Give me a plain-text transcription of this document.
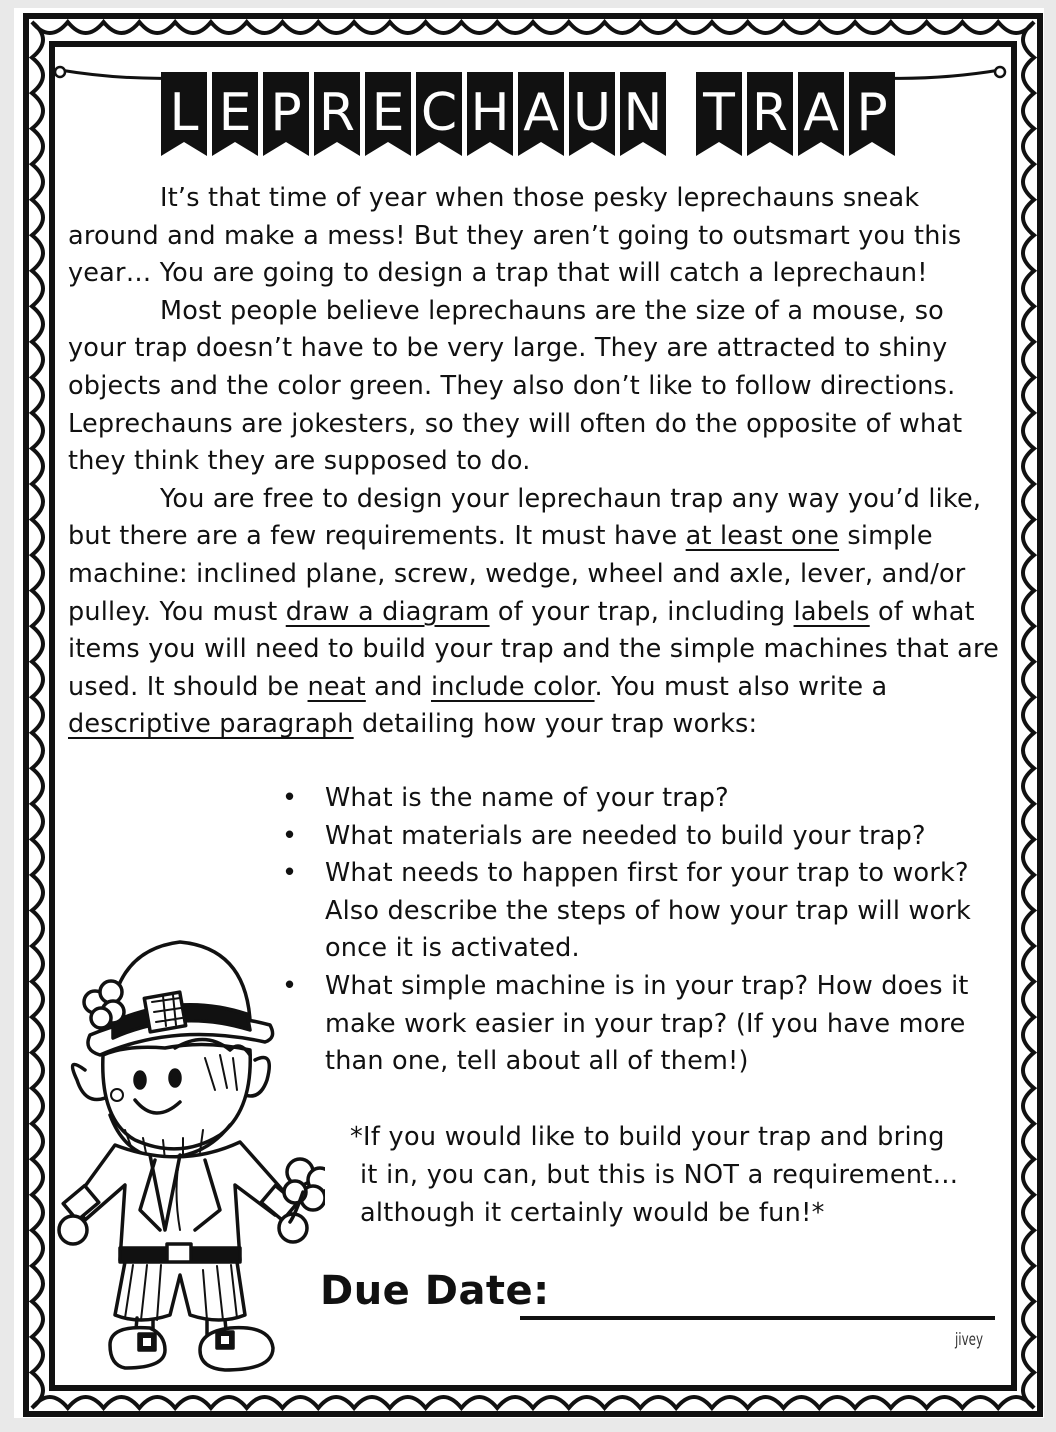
L E P R E C H A U N T R A P

It’s that time of year when those pesky leprechauns sneak around and make a mess! But they aren’t going to outsmart you this year… You are going to design a trap that will catch a leprechaun!

Most people believe leprechauns are the size of a mouse, so your trap doesn’t have to be very large. They are attracted to shiny objects and the color green. They also don’t like to follow directions. Leprechauns are jokesters, so they will often do the opposite of what they think they are supposed to do.

You are free to design your leprechaun trap any way you’d like, but there are a few requirements. It must have at least one simple machine: inclined plane, screw, wedge, wheel and axle, lever, and/or pulley. You must draw a diagram of your trap, including labels of what items you will need to build your trap and the simple machines that are used. It should be neat and include color. You must also write a descriptive paragraph detailing how your trap works:

• What is the name of your trap?
• What materials are needed to build your trap?
• What needs to happen first for your trap to work? Also describe the steps of how your trap will work once it is activated.
• What simple machine is in your trap? How does it make work easier in your trap? (If you have more than one, tell about all of them!)
*If you would like to build your trap and bring
it in, you can, but this is NOT a requirement…
although it certainly would be fun!*
Due Date:
jivey
